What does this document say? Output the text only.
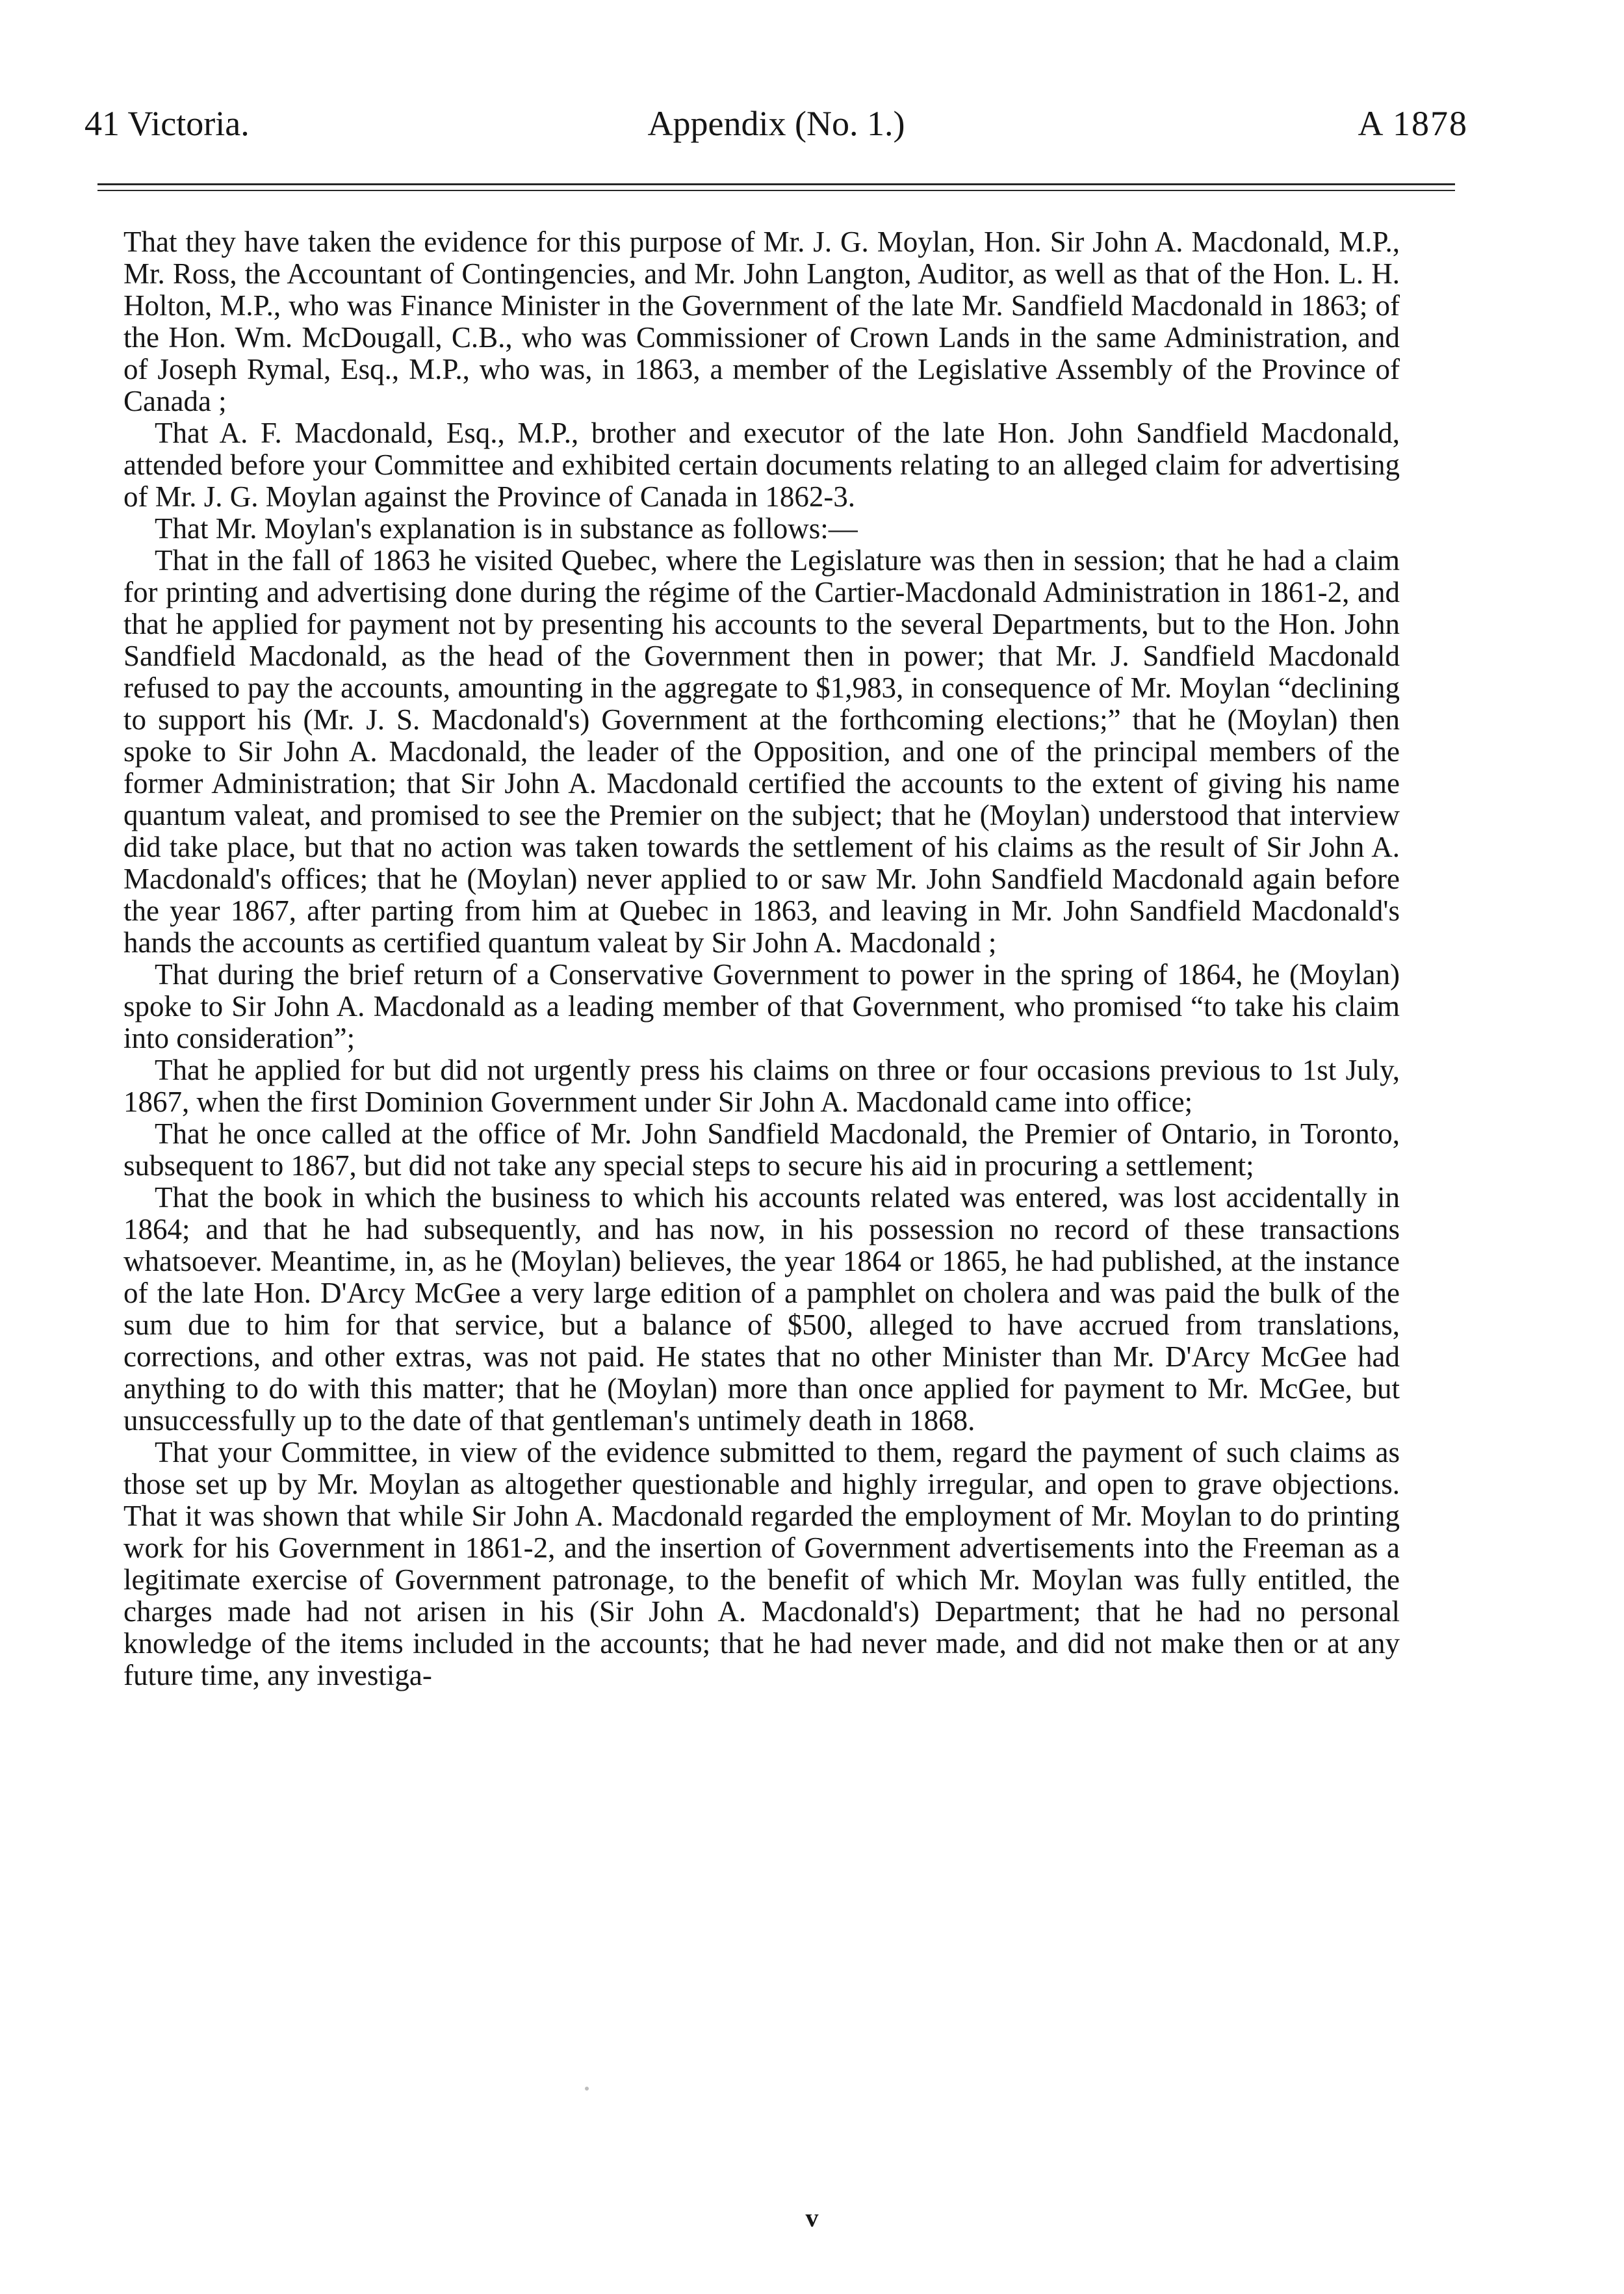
41 Victoria.	Appendix (No. 1.)	A 1878

That they have taken the evidence for this purpose of Mr. J. G. Moylan, Hon. Sir John A. Macdonald, M.P., Mr. Ross, the Accountant of Contingencies, and Mr. John Langton, Auditor, as well as that of the Hon. L. H. Holton, M.P., who was Finance Minister in the Government of the late Mr. Sandfield Macdonald in 1863; of the Hon. Wm. McDougall, C.B., who was Commissioner of Crown Lands in the same Administration, and of Joseph Rymal, Esq., M.P., who was, in 1863, a member of the Legislative Assembly of the Province of Canada ;

That A. F. Macdonald, Esq., M.P., brother and executor of the late Hon. John Sandfield Macdonald, attended before your Committee and exhibited certain documents relating to an alleged claim for advertising of Mr. J. G. Moylan against the Province of Canada in 1862-3.

That Mr. Moylan's explanation is in substance as follows:—

That in the fall of 1863 he visited Quebec, where the Legislature was then in session; that he had a claim for printing and advertising done during the régime of the Cartier-Macdonald Administration in 1861-2, and that he applied for payment not by presenting his accounts to the several Departments, but to the Hon. John Sandfield Macdonald, as the head of the Government then in power; that Mr. J. Sandfield Macdonald refused to pay the accounts, amounting in the aggregate to $1,983, in consequence of Mr. Moylan “declining to support his (Mr. J. S. Macdonald's) Government at the forthcoming elections;” that he (Moylan) then spoke to Sir John A. Macdonald, the leader of the Opposition, and one of the principal members of the former Administration; that Sir John A. Macdonald certified the accounts to the extent of giving his name quantum valeat, and promised to see the Premier on the subject; that he (Moylan) understood that interview did take place, but that no action was taken towards the settlement of his claims as the result of Sir John A. Macdonald's offices; that he (Moylan) never applied to or saw Mr. John Sandfield Macdonald again before the year 1867, after parting from him at Quebec in 1863, and leaving in Mr. John Sandfield Macdonald's hands the accounts as certified quantum valeat by Sir John A. Macdonald ;

That during the brief return of a Conservative Government to power in the spring of 1864, he (Moylan) spoke to Sir John A. Macdonald as a leading member of that Government, who promised “to take his claim into consideration”;

That he applied for but did not urgently press his claims on three or four occasions previous to 1st July, 1867, when the first Dominion Government under Sir John A. Macdonald came into office;

That he once called at the office of Mr. John Sandfield Macdonald, the Premier of Ontario, in Toronto, subsequent to 1867, but did not take any special steps to secure his aid in procuring a settlement;

That the book in which the business to which his accounts related was entered, was lost accidentally in 1864; and that he had subsequently, and has now, in his possession no record of these transactions whatsoever. Meantime, in, as he (Moylan) believes, the year 1864 or 1865, he had published, at the instance of the late Hon. D'Arcy McGee a very large edition of a pamphlet on cholera and was paid the bulk of the sum due to him for that service, but a balance of $500, alleged to have accrued from translations, corrections, and other extras, was not paid. He states that no other Minister than Mr. D'Arcy McGee had anything to do with this matter; that he (Moylan) more than once applied for payment to Mr. McGee, but unsuccessfully up to the date of that gentleman's untimely death in 1868.

That your Committee, in view of the evidence submitted to them, regard the payment of such claims as those set up by Mr. Moylan as altogether questionable and highly irregular, and open to grave objections. That it was shown that while Sir John A. Macdonald regarded the employment of Mr. Moylan to do printing work for his Government in 1861-2, and the insertion of Government advertisements into the Freeman as a legitimate exercise of Government patronage, to the benefit of which Mr. Moylan was fully entitled, the charges made had not arisen in his (Sir John A. Macdonald's) Department; that he had no personal knowledge of the items included in the accounts; that he had never made, and did not make then or at any future time, any investiga-

v
